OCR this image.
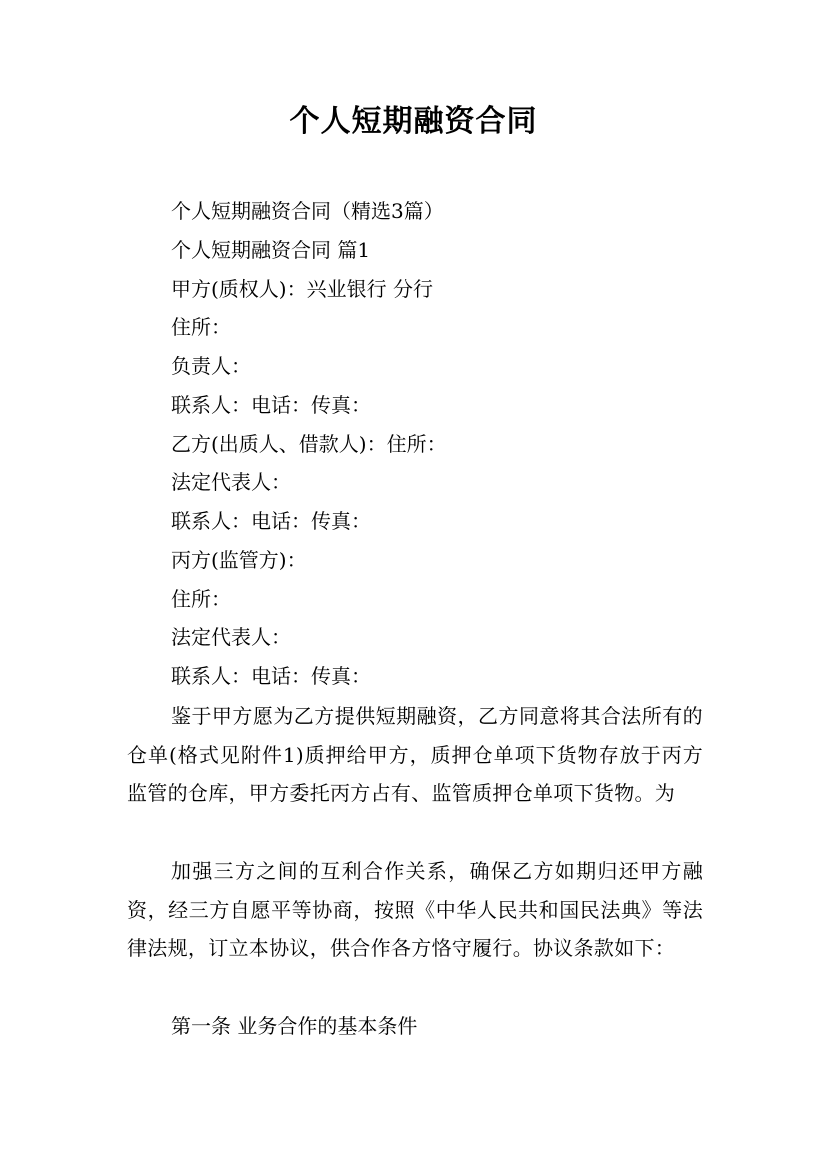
个人短期融资合同

个人短期融资合同（精选3篇）

个人短期融资合同 篇1

甲方(质权人)：兴业银行 分行

住所：

负责人：

联系人：电话：传真：

乙方(出质人、借款人)：住所：

法定代表人：

联系人：电话：传真：

丙方(监管方)：

住所：

法定代表人：

联系人：电话：传真：

鉴于甲方愿为乙方提供短期融资，乙方同意将其合法所有的仓单(格式见附件1)质押给甲方，质押仓单项下货物存放于丙方监管的仓库，甲方委托丙方占有、监管质押仓单项下货物。为

加强三方之间的互利合作关系，确保乙方如期归还甲方融资，经三方自愿平等协商，按照《中华人民共和国民法典》等法律法规，订立本协议，供合作各方恪守履行。协议条款如下：

第一条 业务合作的基本条件
